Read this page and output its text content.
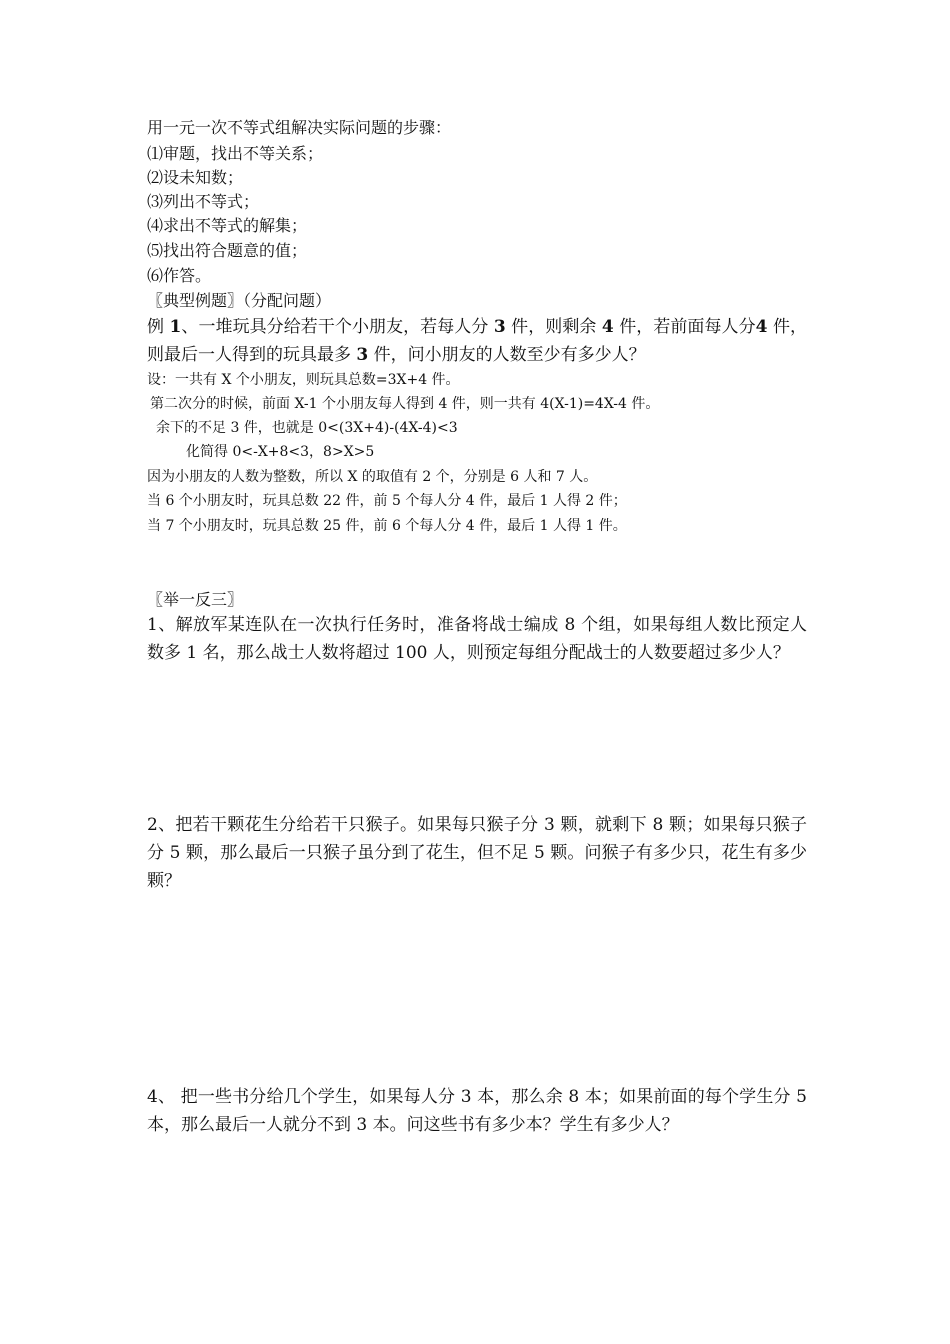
用一元一次不等式组解决实际问题的步骤：
⑴审题，找出不等关系；
⑵设未知数；
⑶列出不等式；
⑷求出不等式的解集；
⑸找出符合题意的值；
⑹作答。
〖典型例题〗（分配问题）
例 1、一堆玩具分给若干个小朋友，若每人分 3 件，则剩余 4 件，若前面每人分4 件，则最后一人得到的玩具最多 3 件，问小朋友的人数至少有多少人？
设：一共有 X 个小朋友，则玩具总数=3X+4 件。
第二次分的时候，前面 X-1 个小朋友每人得到 4 件，则一共有 4(X-1)=4X-4 件。
余下的不足 3 件，也就是 0<(3X+4)-(4X-4)<3
化简得 0<-X+8<3，8>X>5
因为小朋友的人数为整数，所以 X 的取值有 2 个，分别是 6 人和 7 人。
当 6 个小朋友时，玩具总数 22 件，前 5 个每人分 4 件，最后 1 人得 2 件；
当 7 个小朋友时，玩具总数 25 件，前 6 个每人分 4 件，最后 1 人得 1 件。
〖举一反三〗
1、解放军某连队在一次执行任务时，准备将战士编成 8 个组，如果每组人数比预定人数多 1 名，那么战士人数将超过 100 人，则预定每组分配战士的人数要超过多少人？
2、把若干颗花生分给若干只猴子。如果每只猴子分 3 颗，就剩下 8 颗；如果每只猴子分 5 颗，那么最后一只猴子虽分到了花生，但不足 5 颗。问猴子有多少只，花生有多少颗？
4、 把一些书分给几个学生，如果每人分 3 本，那么余 8 本；如果前面的每个学生分 5 本，那么最后一人就分不到 3 本。问这些书有多少本？学生有多少人？
